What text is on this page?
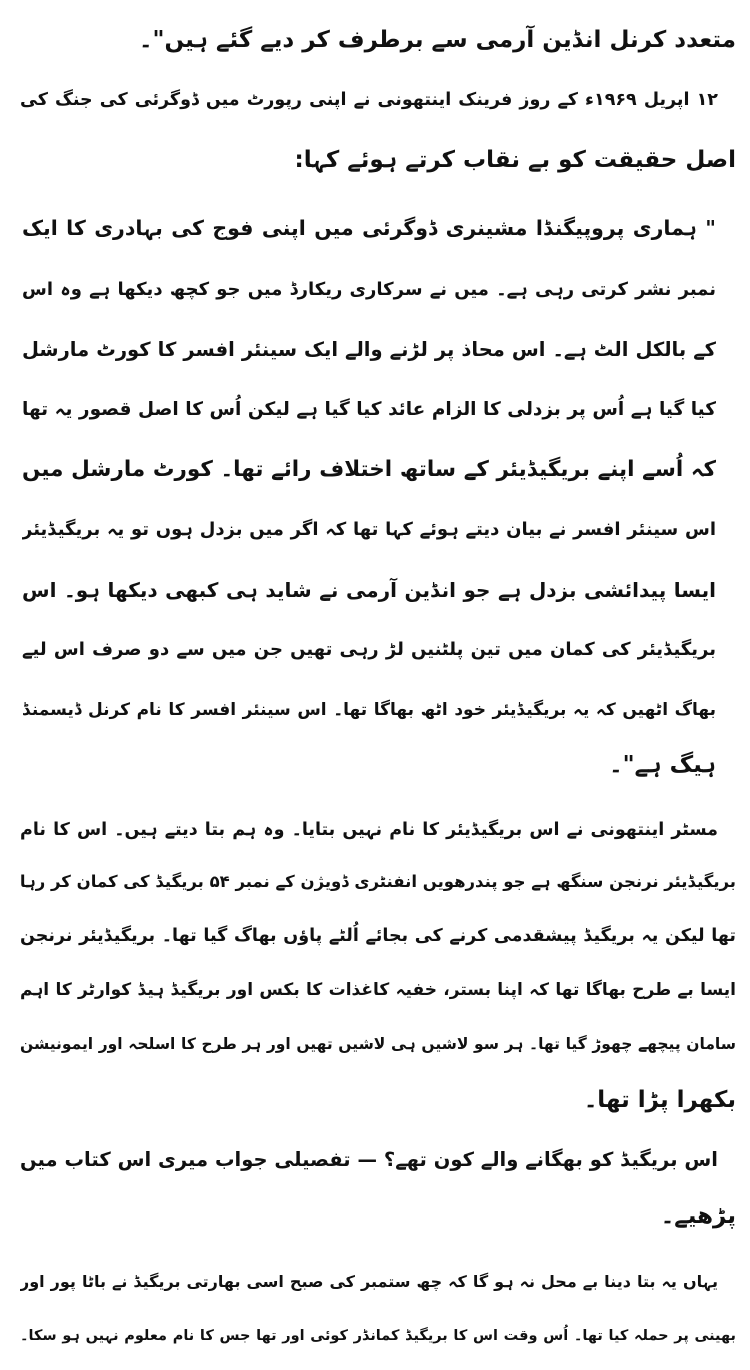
متعدد کرنل انڈین آرمی سے برطرف کر دیے گئے ہیں"۔
۱۲ اپریل ۱۹۶۹ء کے روز فرینک اینتھونی نے اپنی رپورٹ میں ڈوگرئی کی جنگ کی
اصل حقیقت کو بے نقاب کرتے ہوئے کہا:
" ہماری پروپیگنڈا مشینری ڈوگرئی میں اپنی فوج کی بہادری کا ایک
نمبر نشر کرتی رہی ہے۔ میں نے سرکاری ریکارڈ میں جو کچھ دیکھا ہے وہ اس
کے بالکل الٹ ہے۔ اس محاذ پر لڑنے والے ایک سینئر افسر کا کورٹ مارشل
کیا گیا ہے اُس پر بزدلی کا الزام عائد کیا گیا ہے لیکن اُس کا اصل قصور یہ تھا
کہ اُسے اپنے بریگیڈیئر کے ساتھ اختلاف رائے تھا۔ کورٹ مارشل میں
اس سینئر افسر نے بیان دیتے ہوئے کہا تھا کہ اگر میں بزدل ہوں تو یہ بریگیڈیئر
ایسا پیدائشی بزدل ہے جو انڈین آرمی نے شاید ہی کبھی دیکھا ہو۔ اس
بریگیڈیئر کی کمان میں تین پلٹنیں لڑ رہی تھیں جن میں سے دو صرف اس لیے
بھاگ اٹھیں کہ یہ بریگیڈیئر خود اٹھ بھاگا تھا۔ اس سینئر افسر کا نام کرنل ڈیسمنڈ
ہیگ ہے"۔
مسٹر اینتھونی نے اس بریگیڈیئر کا نام نہیں بتایا۔ وہ ہم بتا دیتے ہیں۔ اس کا نام
بریگیڈیئر نرنجن سنگھ ہے جو پندرھویں انفنٹری ڈویژن کے نمبر ۵۴ بریگیڈ کی کمان کر رہا
تھا لیکن یہ بریگیڈ پیشقدمی کرنے کی بجائے اُلٹے پاؤں بھاگ گیا تھا۔ بریگیڈیئر نرنجن
ایسا بے طرح بھاگا تھا کہ اپنا بستر، خفیہ کاغذات کا بکس اور بریگیڈ ہیڈ کوارٹر کا اہم
سامان پیچھے چھوڑ گیا تھا۔ ہر سو لاشیں ہی لاشیں تھیں اور ہر طرح کا اسلحہ اور ایمونیشن
بکھرا پڑا تھا۔
اس بریگیڈ کو بھگانے والے کون تھے؟ — تفصیلی جواب میری اس کتاب میں
پڑھیے۔
یہاں یہ بتا دینا بے محل نہ ہو گا کہ چھ ستمبر کی صبح اسی بھارتی بریگیڈ نے باٹا پور اور
بھینی پر حملہ کیا تھا۔ اُس وقت اس کا بریگیڈ کمانڈر کوئی اور تھا جس کا نام معلوم نہیں ہو سکا۔
